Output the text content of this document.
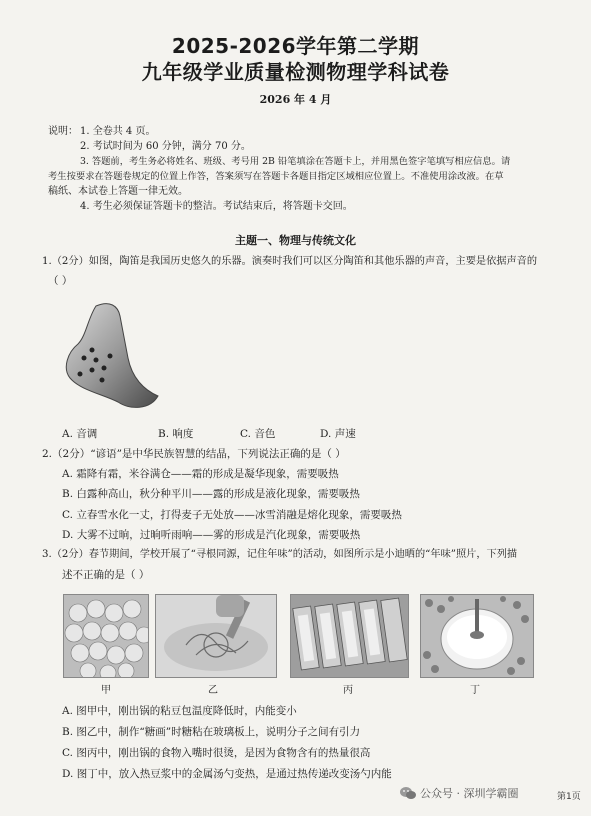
2025-2026学年第二学期
九年级学业质量检测物理学科试卷
2026 年 4 月
说明： 1. 全卷共 4 页。
2. 考试时间为 60 分钟，满分 70 分。
3. 答题前，考生务必将姓名、班级、考号用 2B 铅笔填涂在答题卡上，并用黑色签字笔填写相应信息。请
考生按要求在答题卷规定的位置上作答，答案须写在答题卡各题目指定区域相应位置上。不准使用涂改液。在草
稿纸、本试卷上答题一律无效。
4. 考生必须保证答题卡的整洁。考试结束后，将答题卡交回。
主题一、物理与传统文化
1.（2分）如图，陶笛是我国历史悠久的乐器。演奏时我们可以区分陶笛和其他乐器的声音，主要是依据声音的
（ ）
A. 音调	B. 响度	C. 音色	D. 声速
2.（2分）“谚语”是中华民族智慧的结晶，下列说法正确的是（ ）
A. 霜降有霜，米谷满仓——霜的形成是凝华现象，需要吸热
B. 白露种高山，秋分种平川——露的形成是液化现象，需要吸热
C. 立春雪水化一丈，打得麦子无处放——冰雪消融是熔化现象，需要吸热
D. 大雾不过晌，过晌听雨响——雾的形成是汽化现象，需要吸热
3.（2分）春节期间，学校开展了“寻根同源，记住年味”的活动，如图所示是小迪晒的“年味”照片，下列描
述不正确的是（ ）
甲	乙	丙	丁
A. 图甲中，刚出锅的粘豆包温度降低时，内能变小
B. 图乙中，制作“糖画”时糖粘在玻璃板上，说明分子之间有引力
C. 图丙中，刚出锅的食物入嘴时很烫，是因为食物含有的热量很高
D. 图丁中，放入热豆浆中的金属汤勺变热，是通过热传递改变汤勺内能
公众号 · 深圳学霸圈	第1页
